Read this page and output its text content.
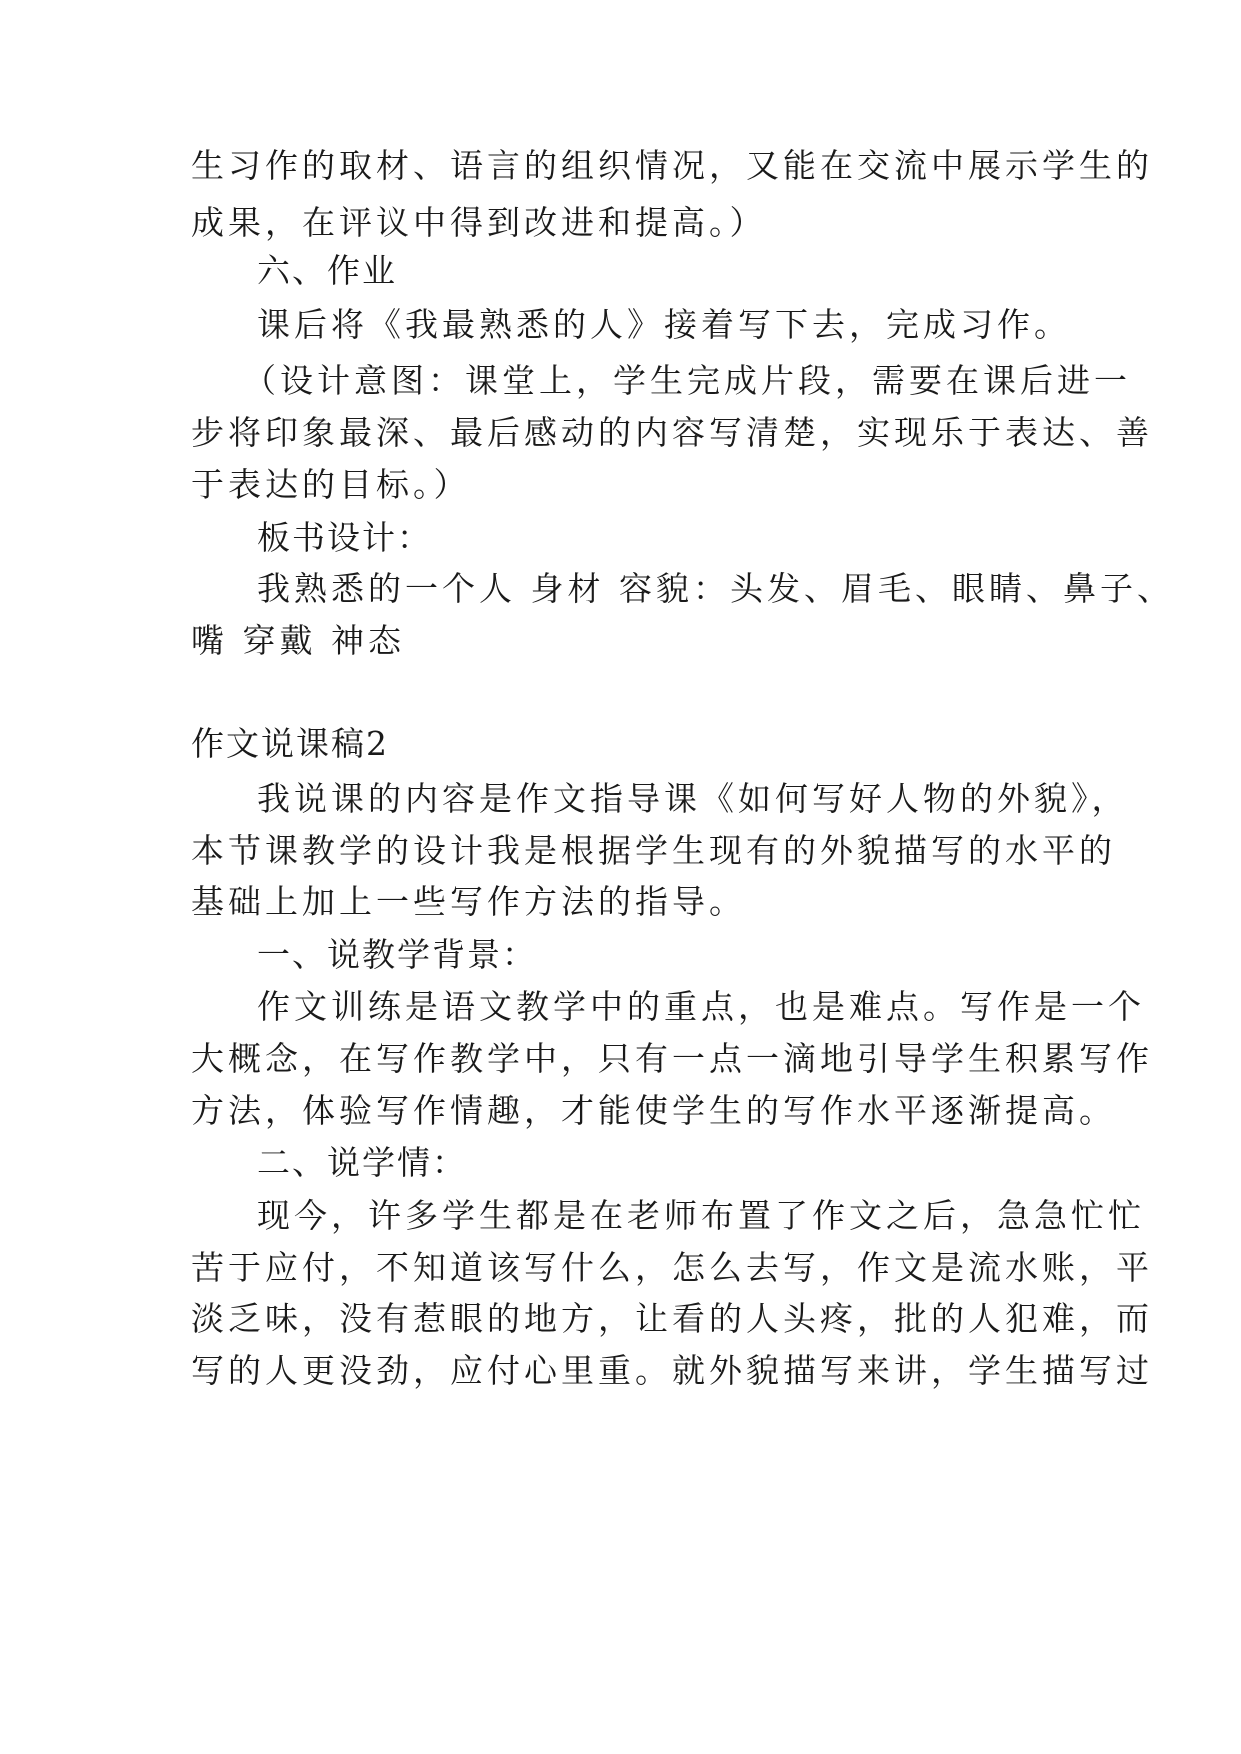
生习作的取材、语言的组织情况，又能在交流中展示学生的

成果，在评议中得到改进和提高。）

六、作业

课后将《我最熟悉的人》接着写下去，完成习作。

（设计意图：课堂上，学生完成片段，需要在课后进一

步将印象最深、最后感动的内容写清楚，实现乐于表达、善

于表达的目标。）

板书设计：

我熟悉的一个人 身材 容貌：头发、眉毛、眼睛、鼻子、

嘴 穿戴 神态

作文说课稿2

我说课的内容是作文指导课《如何写好人物的外貌》，

本节课教学的设计我是根据学生现有的外貌描写的水平的

基础上加上一些写作方法的指导。

一、说教学背景：

作文训练是语文教学中的重点，也是难点。写作是一个

大概念，在写作教学中，只有一点一滴地引导学生积累写作

方法，体验写作情趣，才能使学生的写作水平逐渐提高。

二、说学情：

现今，许多学生都是在老师布置了作文之后，急急忙忙

苦于应付，不知道该写什么，怎么去写，作文是流水账，平

淡乏味，没有惹眼的地方，让看的人头疼，批的人犯难，而

写的人更没劲，应付心里重。就外貌描写来讲，学生描写过
